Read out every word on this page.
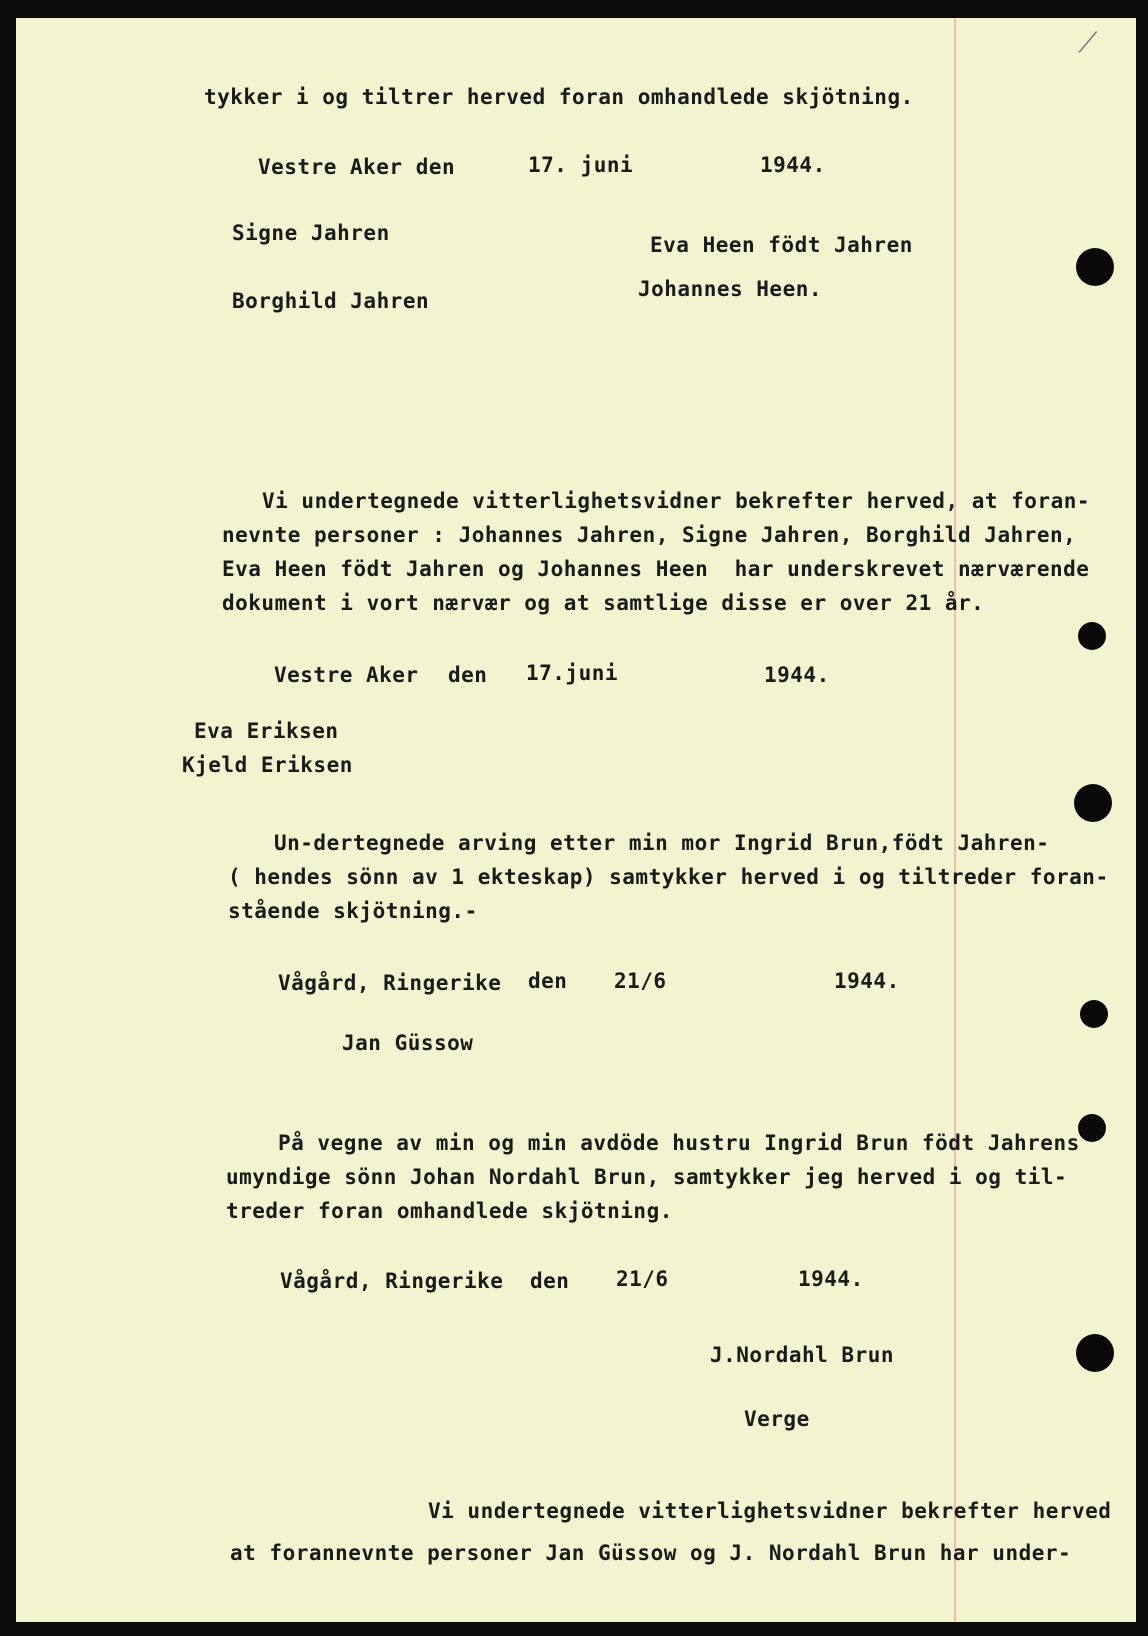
⟋
tykker i og tiltrer herved foran omhandlede skjötning.
Vestre Aker den	17. juni	1944.
Signe Jahren	Eva Heen födt Jahren
Johannes Heen.
Borghild Jahren
Vi undertegnede vitterlighetsvidner bekrefter herved, at foran-
nevnte personer : Johannes Jahren, Signe Jahren, Borghild Jahren,
Eva Heen födt Jahren og Johannes Heen  har underskrevet nærværende
dokument i vort nærvær og at samtlige disse er over 21 år.
Vestre Aker den 17.juni	1944.
Eva Eriksen
Kjeld Eriksen
Un-dertegnede arving etter min mor Ingrid Brun,födt Jahren-
( hendes sönn av 1 ekteskap) samtykker herved i og tiltreder foran-
stående skjötning.-
Vågård, Ringerike den 21/6	1944.
Jan Güssow
På vegne av min og min avdöde hustru Ingrid Brun födt Jahrens
umyndige sönn Johan Nordahl Brun, samtykker jeg herved i og til-
treder foran omhandlede skjötning.
Vågård, Ringerike den 21/6	1944.
J.Nordahl Brun
Verge
Vi undertegnede vitterlighetsvidner bekrefter herved
at forannevnte personer Jan Güssow og J. Nordahl Brun har under-
